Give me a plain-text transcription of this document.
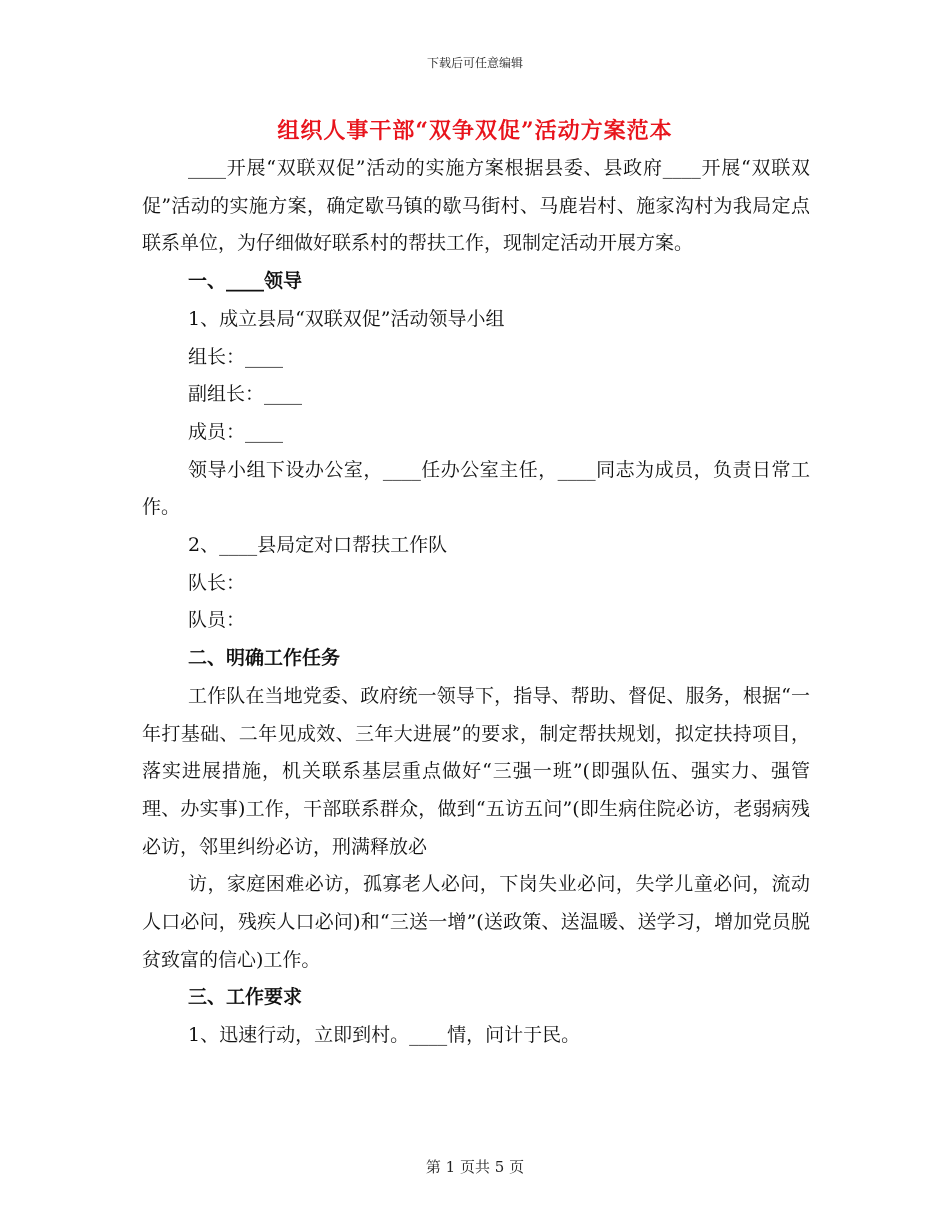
下载后可任意编辑
组织人事干部“双争双促”活动方案范本

____开展“双联双促”活动的实施方案根据县委、县政府____开展“双联双促”活动的实施方案，确定歇马镇的歇马街村、马鹿岩村、施家沟村为我局定点联系单位，为仔细做好联系村的帮扶工作，现制定活动开展方案。

一、____领导

1、成立县局“双联双促”活动领导小组

组长：____

副组长：____

成员：____

领导小组下设办公室，____任办公室主任，____同志为成员，负责日常工作。

2、____县局定对口帮扶工作队

队长：

队员：

二、明确工作任务

工作队在当地党委、政府统一领导下，指导、帮助、督促、服务，根据“一年打基础、二年见成效、三年大进展”的要求，制定帮扶规划，拟定扶持项目，落实进展措施，机关联系基层重点做好“三强一班”(即强队伍、强实力、强管理、办实事)工作，干部联系群众，做到“五访五问”(即生病住院必访，老弱病残必访，邻里纠纷必访，刑满释放必

访，家庭困难必访，孤寡老人必问，下岗失业必问，失学儿童必问，流动人口必问，残疾人口必问)和“三送一增”(送政策、送温暖、送学习，增加党员脱贫致富的信心)工作。

三、工作要求

1、迅速行动，立即到村。____情，问计于民。

第 1 页共 5 页
